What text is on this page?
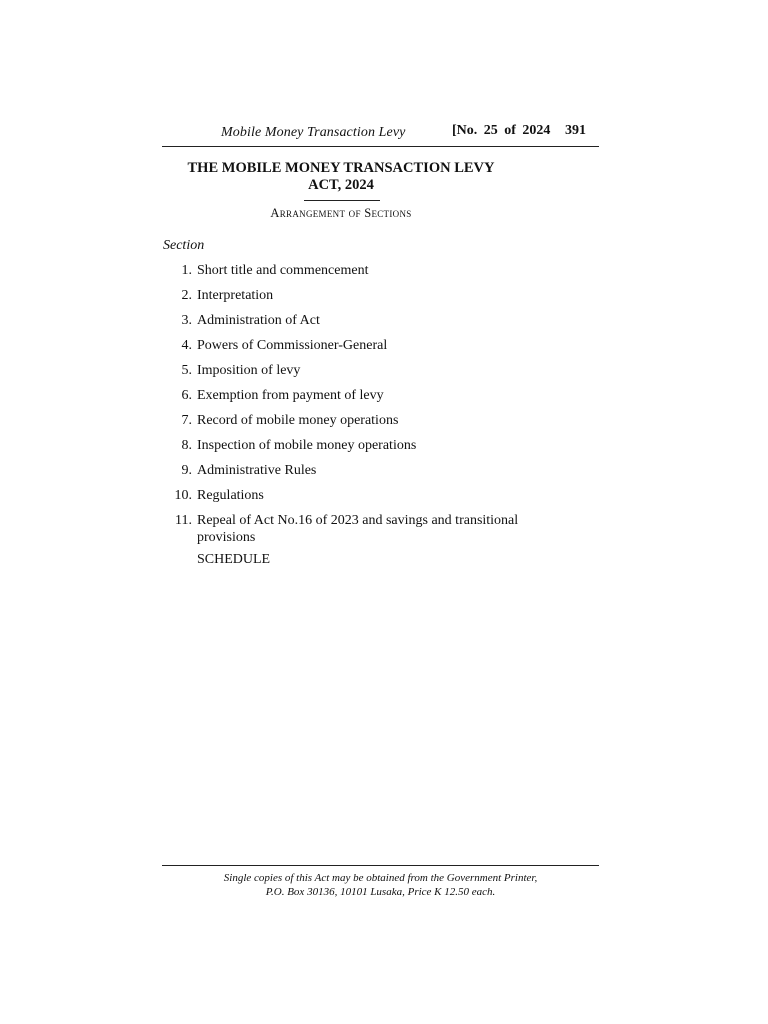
Mobile Money Transaction Levy	[No. 25 of 2024 391
THE MOBILE MONEY TRANSACTION LEVY
ACT, 2024
Arrangement of Sections
Section
1. Short title and commencement
2. Interpretation
3. Administration of Act
4. Powers of Commissioner-General
5. Imposition of levy
6. Exemption from payment of levy
7. Record of mobile money operations
8. Inspection of mobile money operations
9. Administrative Rules
10. Regulations
11. Repeal of Act No.16 of 2023 and savings and transitional provisions
SCHEDULE
Single copies of this Act may be obtained from the Government Printer,
P.O. Box 30136, 10101 Lusaka, Price K 12.50 each.
